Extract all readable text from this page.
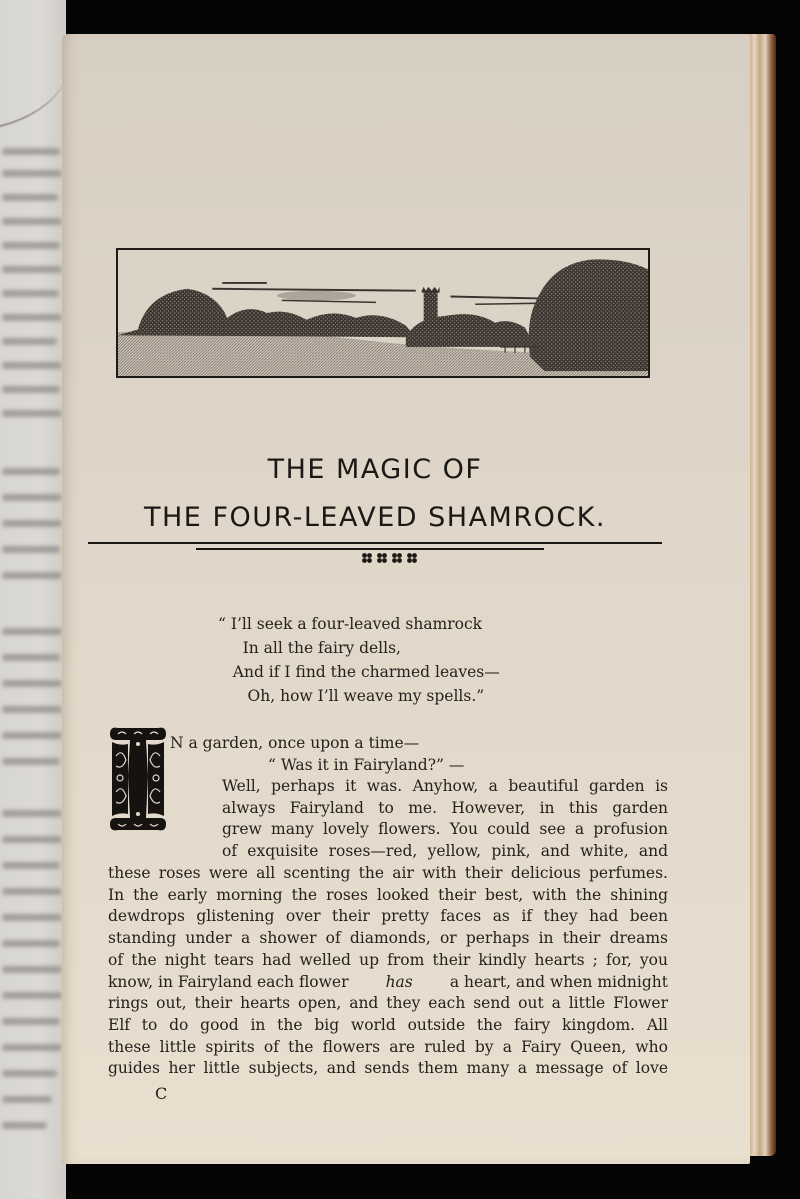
THE MAGIC OF
THE FOUR-LEAVED SHAMROCK.
“ I’ll seek a four-leaved shamrock
In all the fairy dells,
And if I find the charmed leaves—
Oh, how I’ll weave my spells.”
N a garden, once upon a time—
“ Was it in Fairyland?” —
Well, perhaps it was. Anyhow, a beautiful garden is
always Fairyland to me. However, in this garden
grew many lovely flowers. You could see a profusion
of exquisite roses—red, yellow, pink, and white, and
these roses were all scenting the air with their delicious perfumes.
In the early morning the roses looked their best, with the shining
dewdrops glistening over their pretty faces as if they had been
standing under a shower of diamonds, or perhaps in their dreams
of the night tears had welled up from their kindly hearts ; for, you
know, in Fairyland each flower has a heart, and when midnight
rings out, their hearts open, and they each send out a little Flower
Elf to do good in the big world outside the fairy kingdom. All
these little spirits of the flowers are ruled by a Fairy Queen, who
guides her little subjects, and sends them many a message of love
C
